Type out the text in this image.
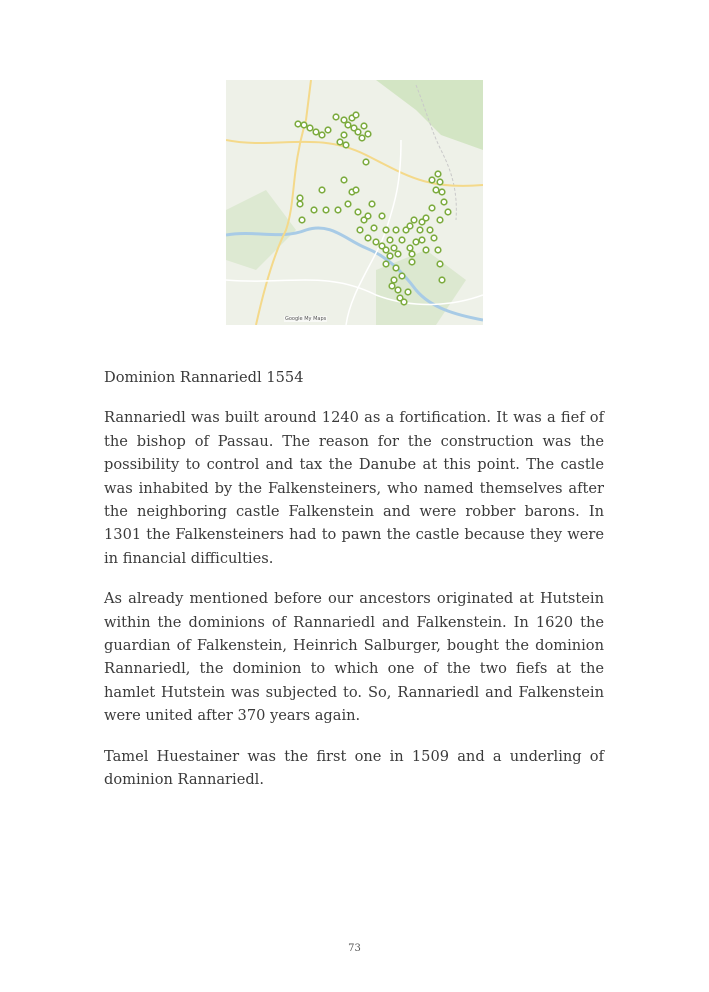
Google My Maps

Dominion Rannariedl 1554

Rannariedl was built around 1240 as a fortification. It was a fief of the bishop of Passau. The reason for the construction was the possibility to control and tax the Danube at this point. The castle was inhabited by the Falkensteiners, who named themselves after the neighboring castle Falkenstein and were robber barons. In 1301 the Falkensteiners had to pawn the castle because they were in financial difficulties.

As already mentioned before our ancestors originated at Hutstein within the dominions of Rannariedl and Falkenstein. In 1620 the guardian of Falkenstein, Heinrich Salburger, bought the dominion Rannariedl, the dominion to which one of the two fiefs at the hamlet Hutstein was subjected to. So, Rannariedl and Falkenstein were united after 370 years again.

Tamel Huestainer was the first one in 1509 and a underling of dominion Rannariedl.

73
